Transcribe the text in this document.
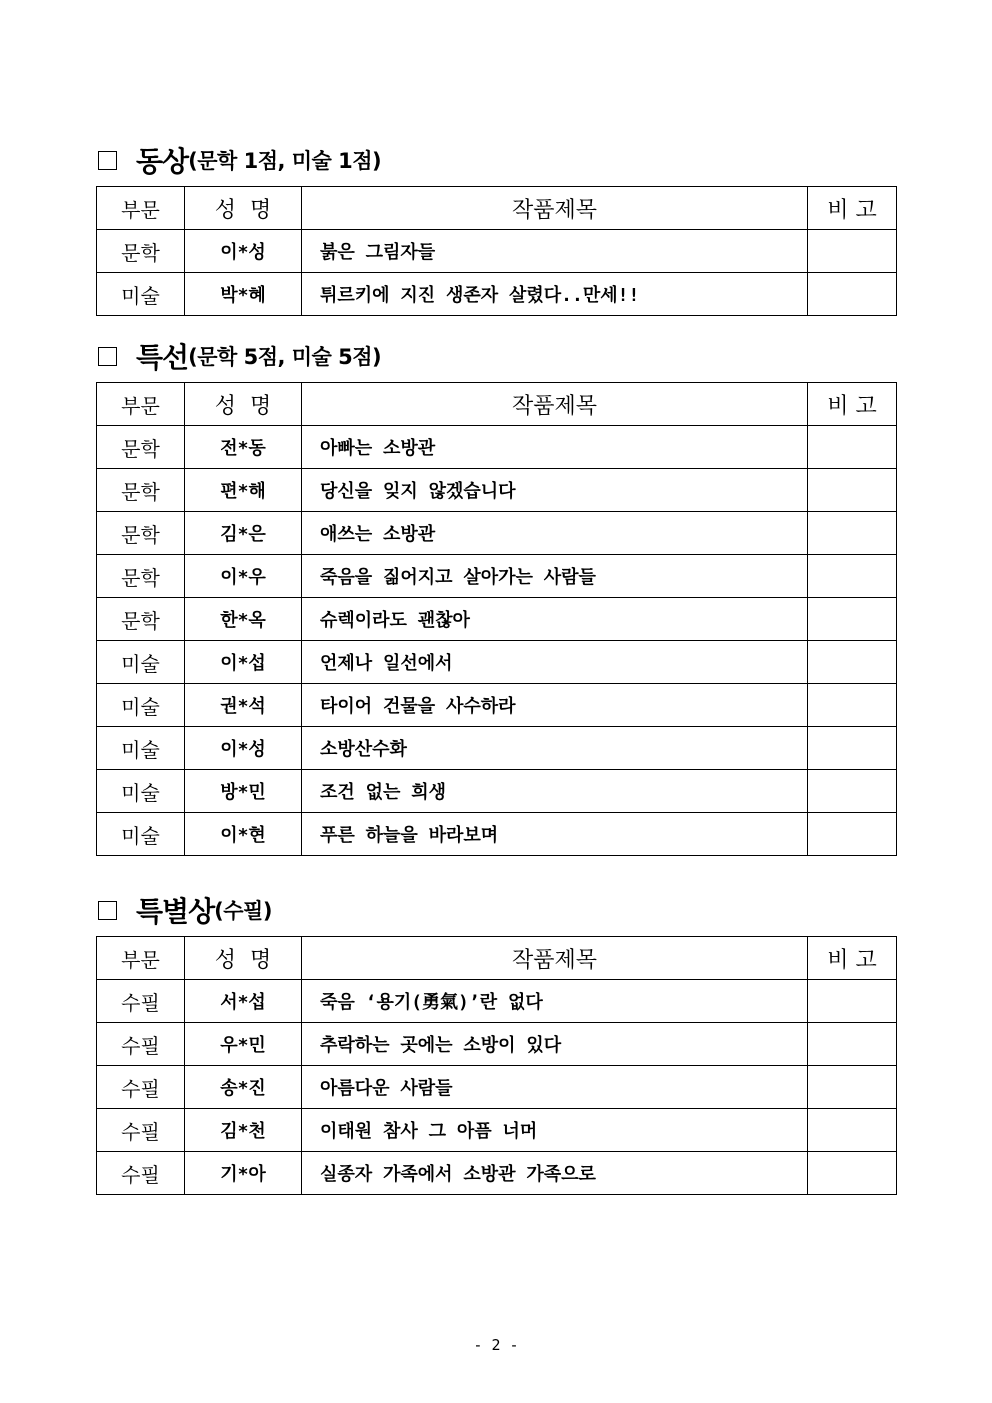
동상 (문학 1점, 미술 1점)
부문	성  명	작품제목	비 고
문학	이*성	붉은 그림자들	
미술	박*혜	튀르키에 지진 생존자 살렸다..만세!!	
특선 (문학 5점, 미술 5점)
부문	성  명	작품제목	비 고
문학	전*동	아빠는 소방관	
문학	편*해	당신을 잊지 않겠습니다	
문학	김*은	애쓰는 소방관	
문학	이*우	죽음을 짊어지고 살아가는 사람들	
문학	한*옥	슈렉이라도 괜찮아	
미술	이*섭	언제나 일선에서	
미술	권*석	타이어 건물을 사수하라	
미술	이*성	소방산수화	
미술	방*민	조건 없는 희생	
미술	이*현	푸른 하늘을 바라보며	
특별상 (수필)
부문	성  명	작품제목	비 고
수필	서*섭	죽음 ‘용기(勇氣)’란 없다	
수필	우*민	추락하는 곳에는 소방이 있다	
수필	송*진	아름다운 사람들	
수필	김*천	이태원 참사 그 아픔 너머	
수필	기*아	실종자 가족에서 소방관 가족으로	
- 2 -
